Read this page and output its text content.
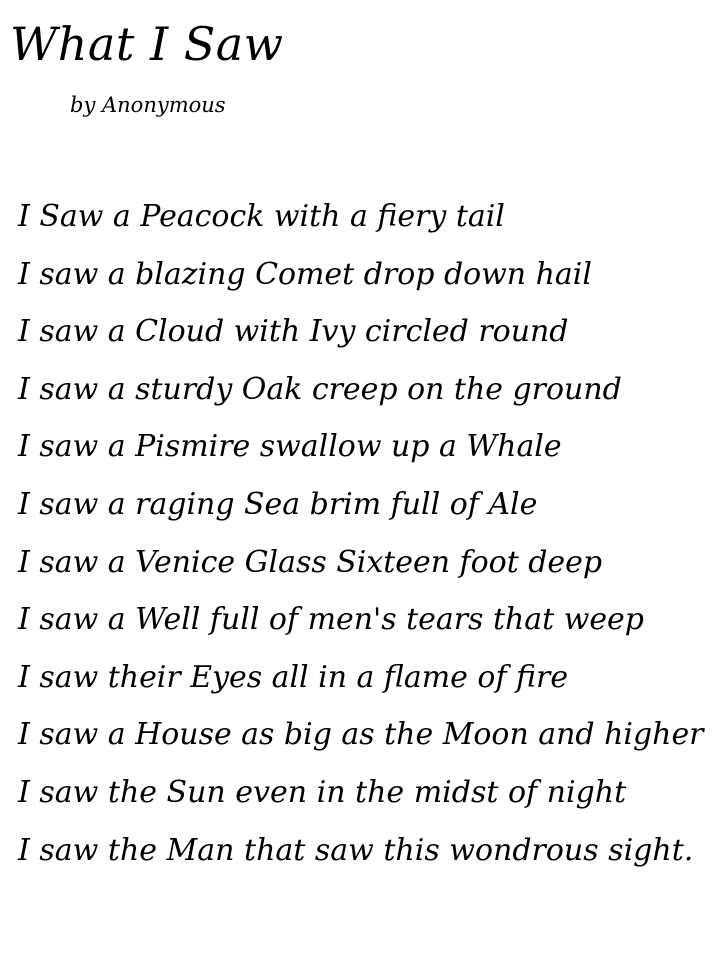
What I Saw
by Anonymous
I Saw a Peacock with a fiery tail
I saw a blazing Comet drop down hail
I saw a Cloud with Ivy circled round
I saw a sturdy Oak creep on the ground
I saw a Pismire swallow up a Whale
I saw a raging Sea brim full of Ale
I saw a Venice Glass Sixteen foot deep
I saw a Well full of men's tears that weep
I saw their Eyes all in a flame of fire
I saw a House as big as the Moon and higher
I saw the Sun even in the midst of night
I saw the Man that saw this wondrous sight.
